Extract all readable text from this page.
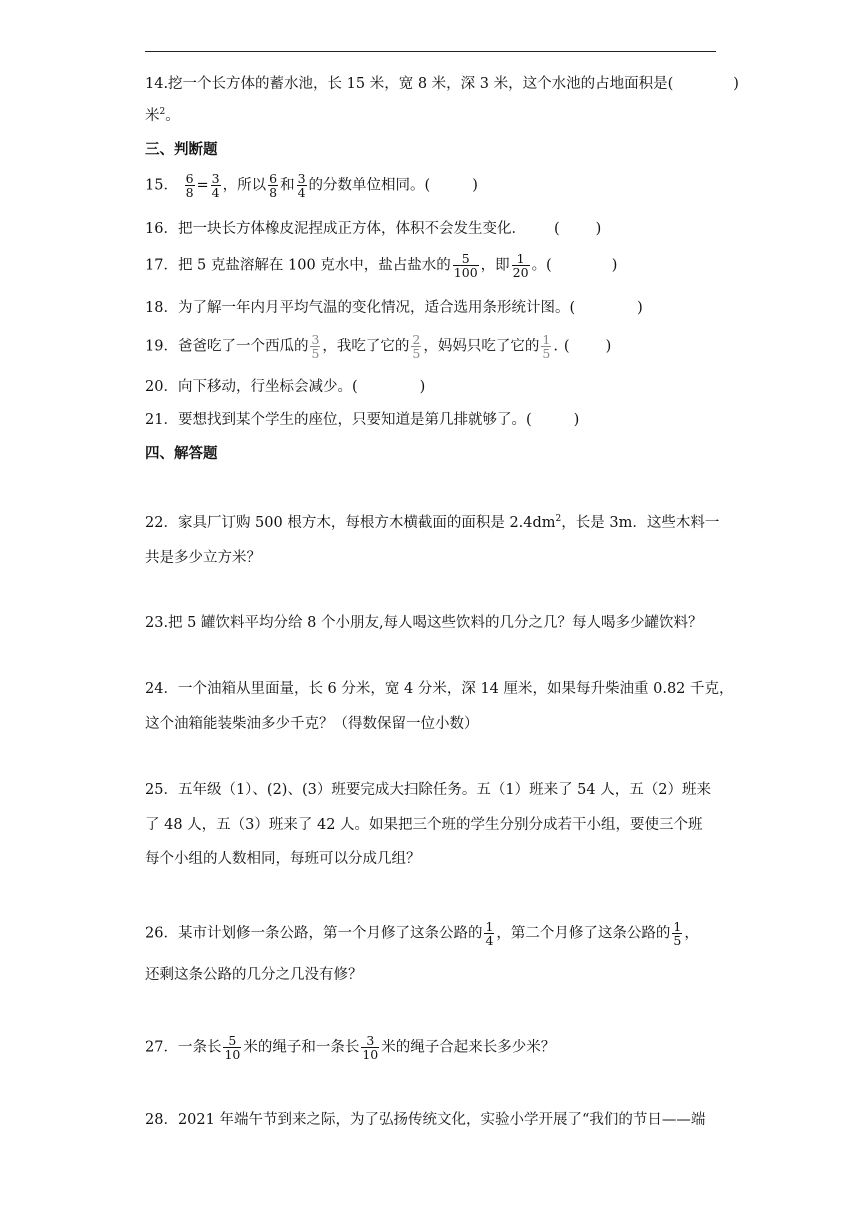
14.挖一个长方体的蓄水池，长 15 米，宽 8 米，深 3 米，这个水池的占地面积是(	)
米$^2$。
三、判断题
15． $\frac{6}{8} = \frac{3}{4}$ ，所以 $\frac{6}{8}$ 和 $\frac{3}{4}$ 的分数单位相同。(	)
16．把一块长方体橡皮泥捏成正方体，体积不会发生变化． ( )
17．把 5 克盐溶解在 100 克水中，盐占盐水的 $\frac{5}{100}$ ，即 $\frac{1}{20}$ 。(	)
18．为了解一年内月平均气温的变化情况，适合选用条形统计图。(	)
19．爸爸吃了一个西瓜的 $\frac{3}{5}$ ，我吃了它的 $\frac{2}{5}$ ，妈妈只吃了它的 $\frac{1}{5}$ . ( )
20．向下移动，行坐标会减少。(	)
21．要想找到某个学生的座位，只要知道是第几排就够了。(	)
四、解答题
22．家具厂订购 500 根方木，每根方木横截面的面积是 $2.4dm^2$，长是 3m．这些木料一
共是多少立方米？
23.把 5 罐饮料平均分给 8 个小朋友,每人喝这些饮料的几分之几？每人喝多少罐饮料？
24．一个油箱从里面量，长 6 分米，宽 4 分米，深 14 厘米，如果每升柴油重 0.82 千克，
这个油箱能装柴油多少千克？（得数保留一位小数）
25．五年级（1）、(2)、(3）班要完成大扫除任务。五（1）班来了 54 人，五（2）班来
了 48 人，五（3）班来了 42 人。如果把三个班的学生分别分成若干小组，要使三个班
每个小组的人数相同，每班可以分成几组？
26．某市计划修一条公路，第一个月修了这条公路的 $\frac{1}{4}$ ，第二个月修了这条公路的 $\frac{1}{5}$ ，
还剩这条公路的几分之几没有修？
27．一条长 $\frac{5}{10}$ 米的绳子和一条长 $\frac{3}{10}$ 米的绳子合起来长多少米？
28．2021 年端午节到来之际，为了弘扬传统文化，实验小学开展了“我们的节日——端
